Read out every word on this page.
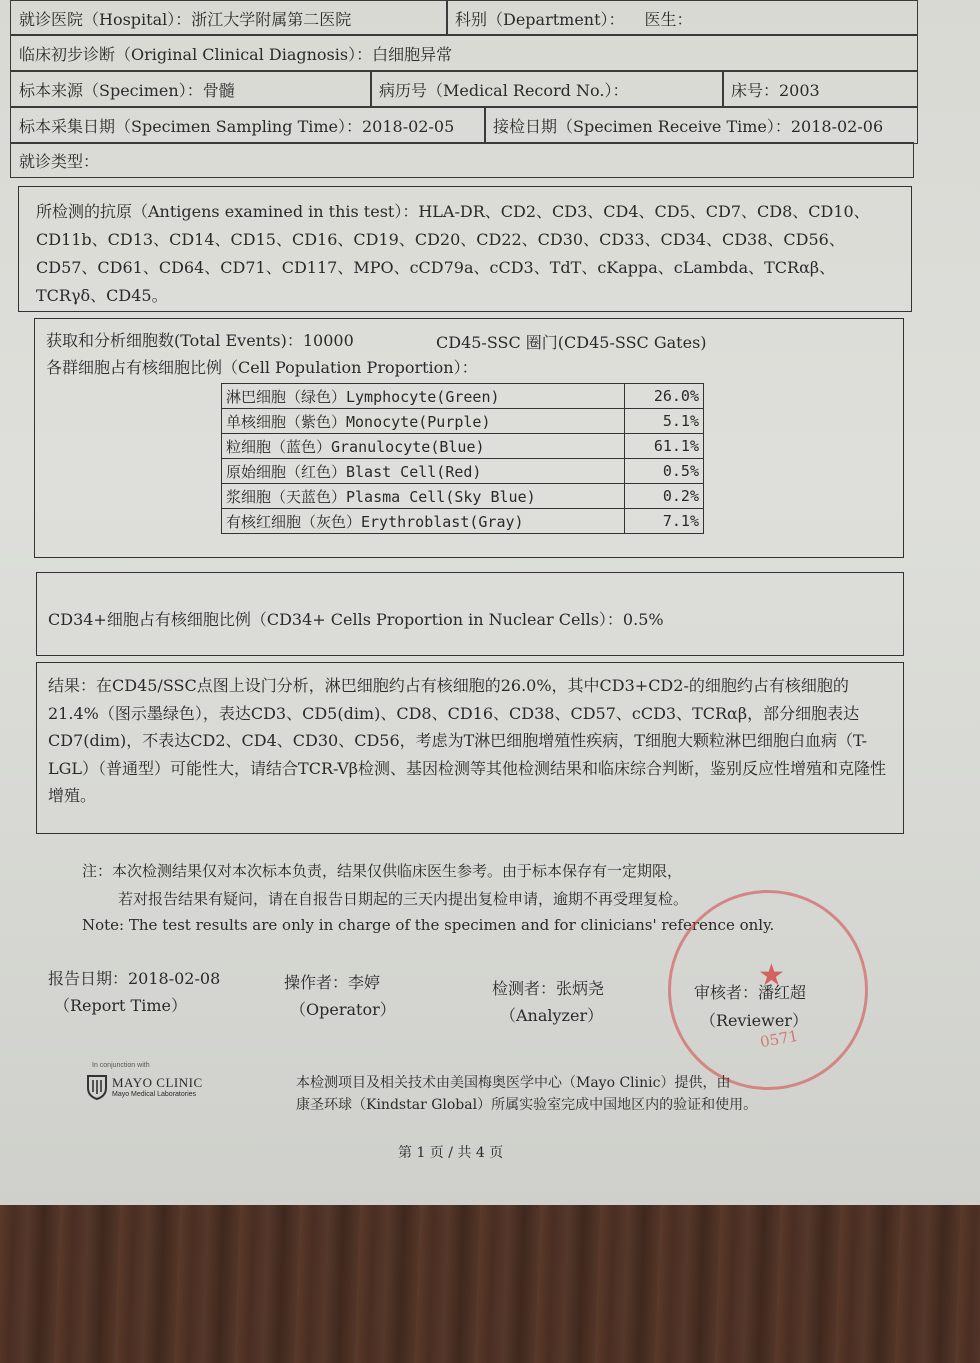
就诊医院（Hospital）：浙江大学附属第二医院	科别（Department）： 医生：
临床初步诊断（Original Clinical Diagnosis）：白细胞异常
标本来源（Specimen）：骨髓	病历号（Medical Record No.）：	床号：2003
标本采集日期（Specimen Sampling Time）：2018-02-05 接检日期（Specimen Receive Time）：2018-02-06
就诊类型：
所检测的抗原（Antigens examined in this test）：HLA-DR、CD2、CD3、CD4、CD5、CD7、CD8、CD10、CD11b、CD13、CD14、CD15、CD16、CD19、CD20、CD22、CD30、CD33、CD34、CD38、CD56、CD57、CD61、CD64、CD71、CD117、MPO、cCD79a、cCD3、TdT、cKappa、cLambda、TCRαβ、TCRγδ、CD45。
获取和分析细胞数(Total Events)：10000	CD45-SSC 圈门(CD45-SSC Gates)
各群细胞占有核细胞比例（Cell Population Proportion）：
淋巴细胞（绿色）Lymphocyte(Green)	26.0%
单核细胞（紫色）Monocyte(Purple)	5.1%
粒细胞（蓝色）Granulocyte(Blue)	61.1%
原始细胞（红色）Blast Cell(Red)	0.5%
浆细胞（天蓝色）Plasma Cell(Sky Blue)	0.2%
有核红细胞（灰色）Erythroblast(Gray)	7.1%
CD34+细胞占有核细胞比例（CD34+ Cells Proportion in Nuclear Cells）：0.5%
结果：在CD45/SSC点图上设门分析，淋巴细胞约占有核细胞的26.0%，其中CD3+CD2-的细胞约占有核细胞的21.4%（图示墨绿色），表达CD3、CD5(dim)、CD8、CD16、CD38、CD57、cCD3、TCRαβ，部分细胞表达CD7(dim)，不表达CD2、CD4、CD30、CD56，考虑为T淋巴细胞增殖性疾病，T细胞大颗粒淋巴细胞白血病（T-LGL）（普通型）可能性大，请结合TCR-Vβ检测、基因检测等其他检测结果和临床综合判断，鉴别反应性增殖和克隆性增殖。
注：本次检测结果仅对本次标本负责，结果仅供临床医生参考。由于标本保存有一定期限，
若对报告结果有疑问，请在自报告日期起的三天内提出复检申请，逾期不再受理复检。
Note: The test results are only in charge of the specimen and for clinicians' reference only.
报告日期：2018-02-08
（Report Time）
操作者：李婷
（Operator）
检测者：张炳尧
（Analyzer）
审核者：潘红超
（Reviewer）
★
0571
In conjunction with
MAYO CLINIC
Mayo Medical Laboratories
本检测项目及相关技术由美国梅奥医学中心（Mayo Clinic）提供，由
康圣环球（Kindstar Global）所属实验室完成中国地区内的验证和使用。
第 1 页 / 共 4 页
